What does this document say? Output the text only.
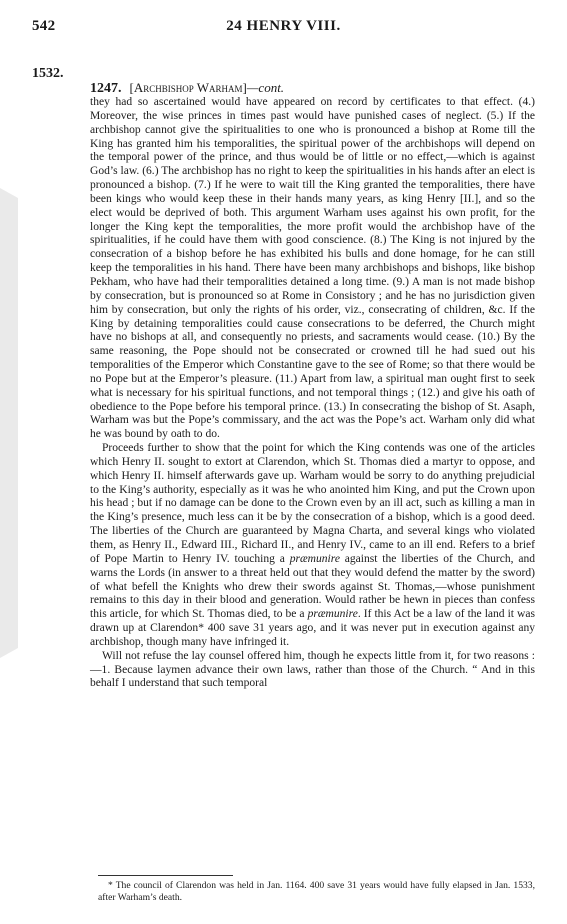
542	24 HENRY VIII.
1532.
1247. [Archbishop Warham]—cont.

they had so ascertained would have appeared on record by certificates to that effect. (4.) Moreover, the wise princes in times past would have punished cases of neglect. (5.) If the archbishop cannot give the spiritualities to one who is pronounced a bishop at Rome till the King has granted him his temporalities, the spiritual power of the archbishops will depend on the temporal power of the prince, and thus would be of little or no effect,—which is against God’s law. (6.) The archbishop has no right to keep the spiritualities in his hands after an elect is pronounced a bishop. (7.) If he were to wait till the King granted the temporalities, there have been kings who would keep these in their hands many years, as king Henry [II.], and so the elect would be deprived of both. This argument Warham uses against his own profit, for the longer the King kept the temporalities, the more profit would the archbishop have of the spiritualities, if he could have them with good conscience. (8.) The King is not injured by the consecration of a bishop before he has exhibited his bulls and done homage, for he can still keep the temporalities in his hand. There have been many archbishops and bishops, like bishop Pekham, who have had their temporalities detained a long time. (9.) A man is not made bishop by consecration, but is pronounced so at Rome in Consistory ; and he has no jurisdiction given him by consecration, but only the rights of his order, viz., consecrating of children, &c. If the King by detaining temporalities could cause consecrations to be deferred, the Church might have no bishops at all, and consequently no priests, and sacraments would cease. (10.) By the same reasoning, the Pope should not be consecrated or crowned till he had sued out his temporalities of the Emperor which Constantine gave to the see of Rome; so that there would be no Pope but at the Emperor’s pleasure. (11.) Apart from law, a spiritual man ought first to seek what is necessary for his spiritual functions, and not temporal things ; (12.) and give his oath of obedience to the Pope before his temporal prince. (13.) In consecrating the bishop of St. Asaph, Warham was but the Pope’s commissary, and the act was the Pope’s act. Warham only did what he was bound by oath to do.

Proceeds further to show that the point for which the King contends was one of the articles which Henry II. sought to extort at Clarendon, which St. Thomas died a martyr to oppose, and which Henry II. himself afterwards gave up. Warham would be sorry to do anything prejudicial to the King’s authority, especially as it was he who anointed him King, and put the Crown upon his head ; but if no damage can be done to the Crown even by an ill act, such as killing a man in the King’s presence, much less can it be by the consecration of a bishop, which is a good deed. The liberties of the Church are guaranteed by Magna Charta, and several kings who violated them, as Henry II., Edward III., Richard II., and Henry IV., came to an ill end. Refers to a brief of Pope Martin to Henry IV. touching a præmunire against the liberties of the Church, and warns the Lords (in answer to a threat held out that they would defend the matter by the sword) of what befell the Knights who drew their swords against St. Thomas,—whose punishment remains to this day in their blood and generation. Would rather be hewn in pieces than confess this article, for which St. Thomas died, to be a præmunire. If this Act be a law of the land it was drawn up at Clarendon* 400 save 31 years ago, and it was never put in execution against any archbishop, though many have infringed it.

Will not refuse the lay counsel offered him, though he expects little from it, for two reasons :—1. Because laymen advance their own laws, rather than those of the Church. “ And in this behalf I understand that such temporal

* The council of Clarendon was held in Jan. 1164. 400 save 31 years would have fully elapsed in Jan. 1533, after Warham’s death.
